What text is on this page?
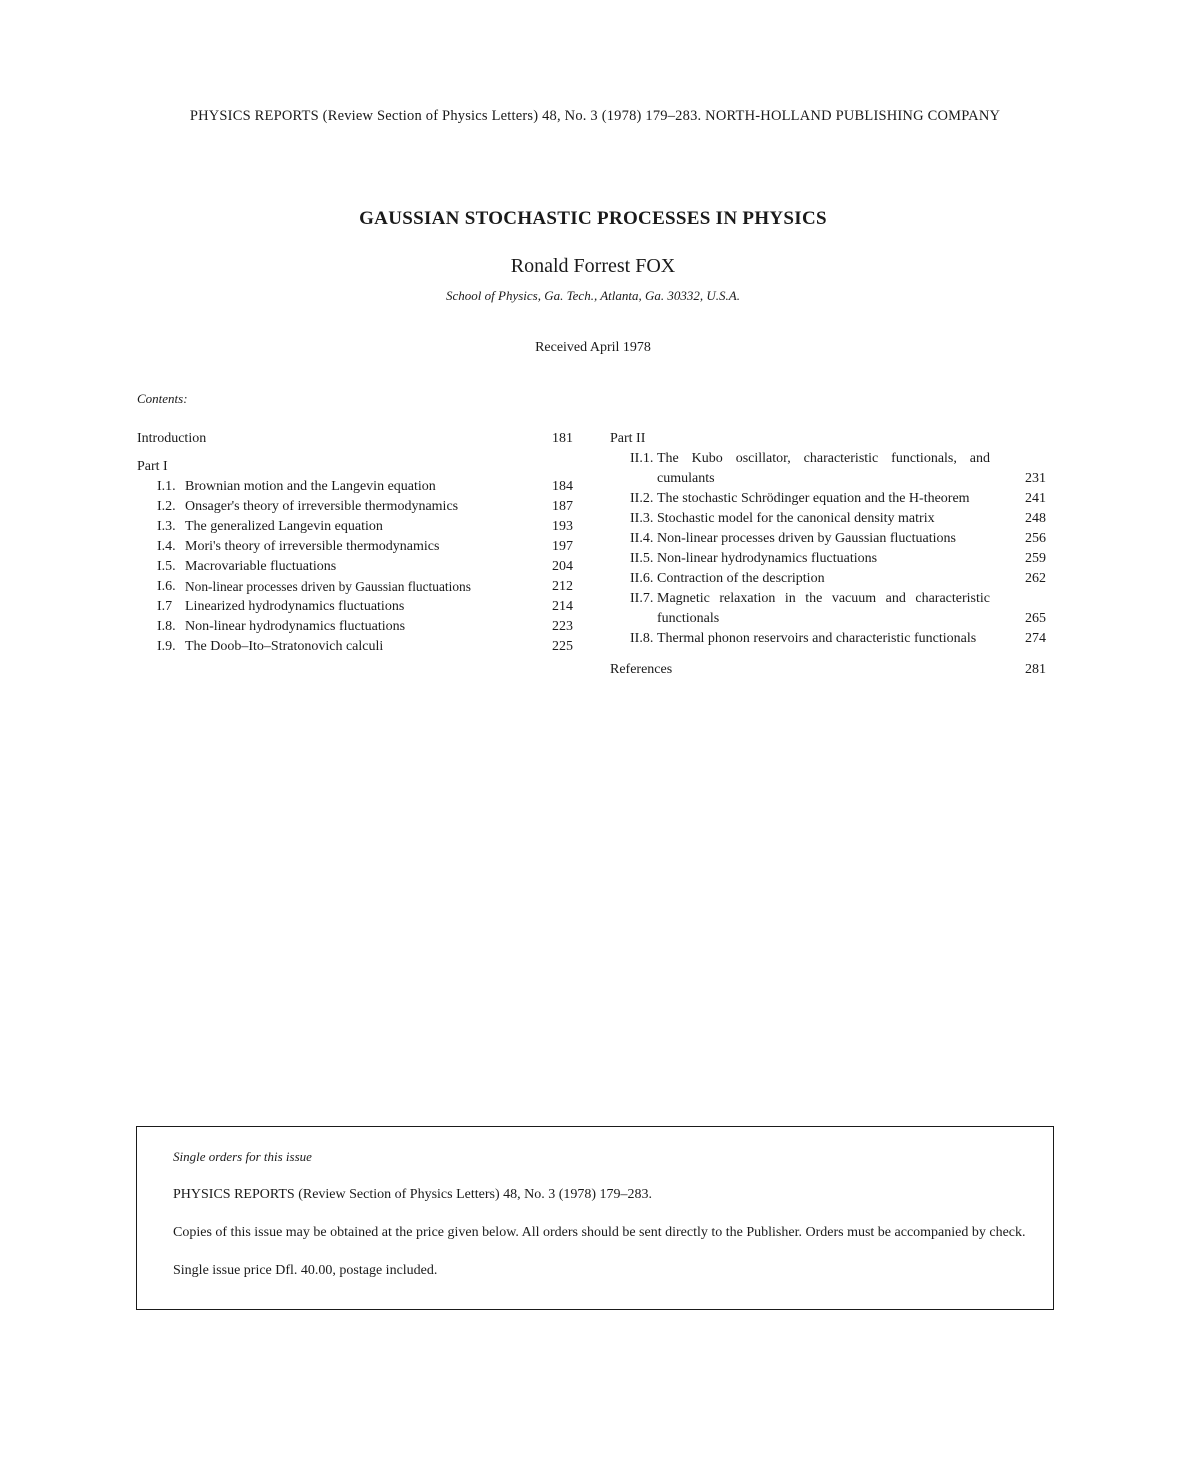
PHYSICS REPORTS (Review Section of Physics Letters) 48, No. 3 (1978) 179–283. NORTH-HOLLAND PUBLISHING COMPANY
GAUSSIAN STOCHASTIC PROCESSES IN PHYSICS
Ronald Forrest FOX
School of Physics, Ga. Tech., Atlanta, Ga. 30332, U.S.A.
Received April 1978
Contents:
Introduction	181
Part I
I.1. Brownian motion and the Langevin equation	184
I.2. Onsager's theory of irreversible thermodynamics	187
I.3. The generalized Langevin equation	193
I.4. Mori's theory of irreversible thermodynamics	197
I.5. Macrovariable fluctuations	204
I.6. Non-linear processes driven by Gaussian fluctuations	212
I.7 Linearized hydrodynamics fluctuations	214
I.8. Non-linear hydrodynamics fluctuations	223
I.9. The Doob–Ito–Stratonovich calculi	225
Part II
II.1. The Kubo oscillator, characteristic functionals, and cumulants	231
II.2. The stochastic Schrödinger equation and the H-theorem	241
II.3. Stochastic model for the canonical density matrix	248
II.4. Non-linear processes driven by Gaussian fluctuations	256
II.5. Non-linear hydrodynamics fluctuations	259
II.6. Contraction of the description	262
II.7. Magnetic relaxation in the vacuum and characteristic functionals	265
II.8. Thermal phonon reservoirs and characteristic functionals	274
References	281

Single orders for this issue

PHYSICS REPORTS (Review Section of Physics Letters) 48, No. 3 (1978) 179–283.

Copies of this issue may be obtained at the price given below. All orders should be sent directly to the Publisher. Orders must be accompanied by check.

Single issue price Dfl. 40.00, postage included.
